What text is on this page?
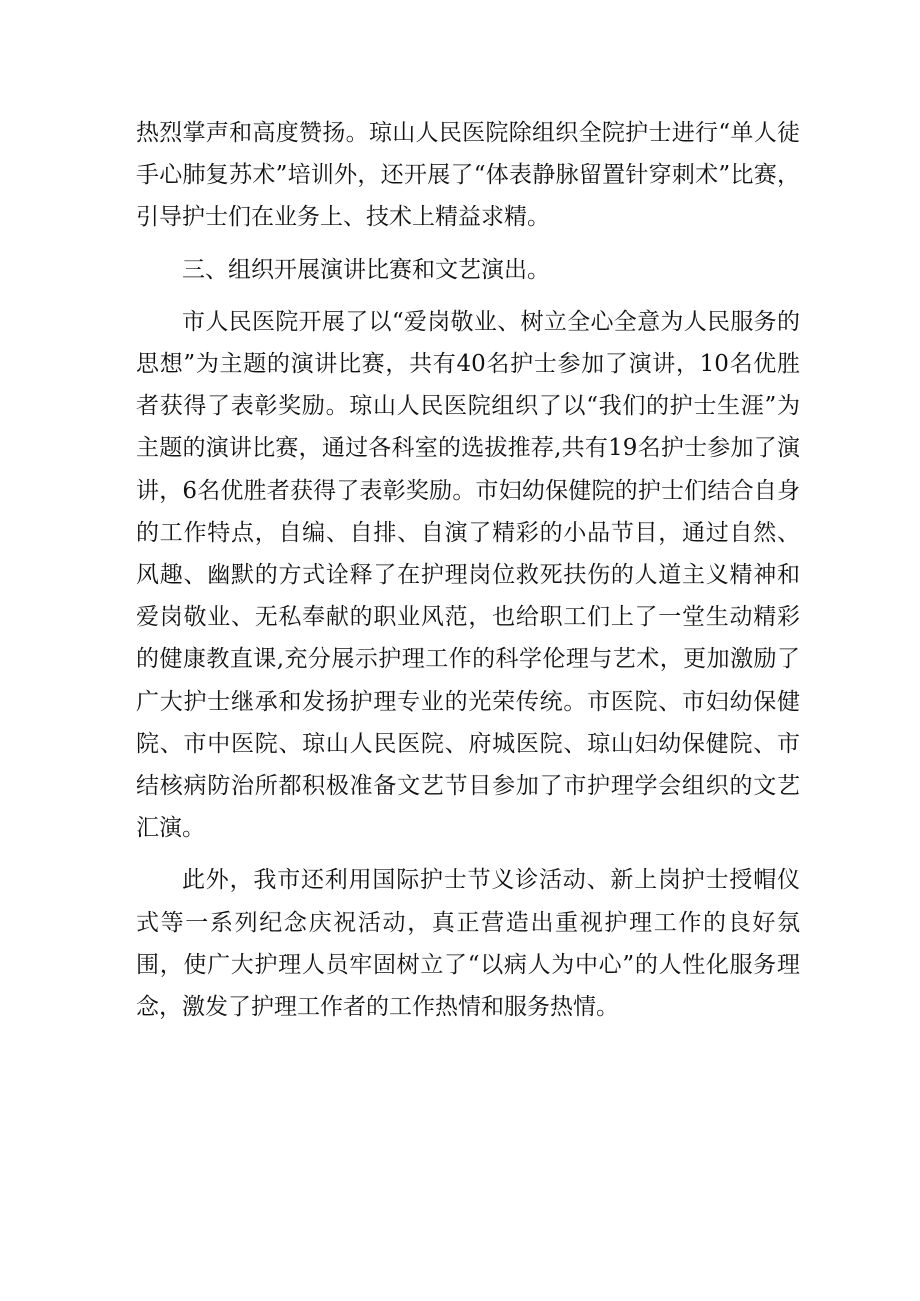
热烈掌声和高度赞扬。琼山人民医院除组织全院护士进行“单人徒手心肺复苏术”培训外，还开展了“体表静脉留置针穿刺术”比赛，引导护士们在业务上、技术上精益求精。

三、组织开展演讲比赛和文艺演出。

市人民医院开展了以“爱岗敬业、树立全心全意为人民服务的思想”为主题的演讲比赛，共有40名护士参加了演讲，10名优胜者获得了表彰奖励。琼山人民医院组织了以“我们的护士生涯”为主题的演讲比赛，通过各科室的选拔推荐,共有19名护士参加了演讲，6名优胜者获得了表彰奖励。市妇幼保健院的护士们结合自身的工作特点，自编、自排、自演了精彩的小品节目，通过自然、风趣、幽默的方式诠释了在护理岗位救死扶伤的人道主义精神和爱岗敬业、无私奉献的职业风范，也给职工们上了一堂生动精彩的健康教直课,充分展示护理工作的科学伦理与艺术，更加激励了广大护士继承和发扬护理专业的光荣传统。市医院、市妇幼保健院、市中医院、琼山人民医院、府城医院、琼山妇幼保健院、市结核病防治所都积极准备文艺节目参加了市护理学会组织的文艺汇演。

此外，我市还利用国际护士节义诊活动、新上岗护士授帽仪式等一系列纪念庆祝活动，真正营造出重视护理工作的良好氛围，使广大护理人员牢固树立了“以病人为中心”的人性化服务理念，激发了护理工作者的工作热情和服务热情。
